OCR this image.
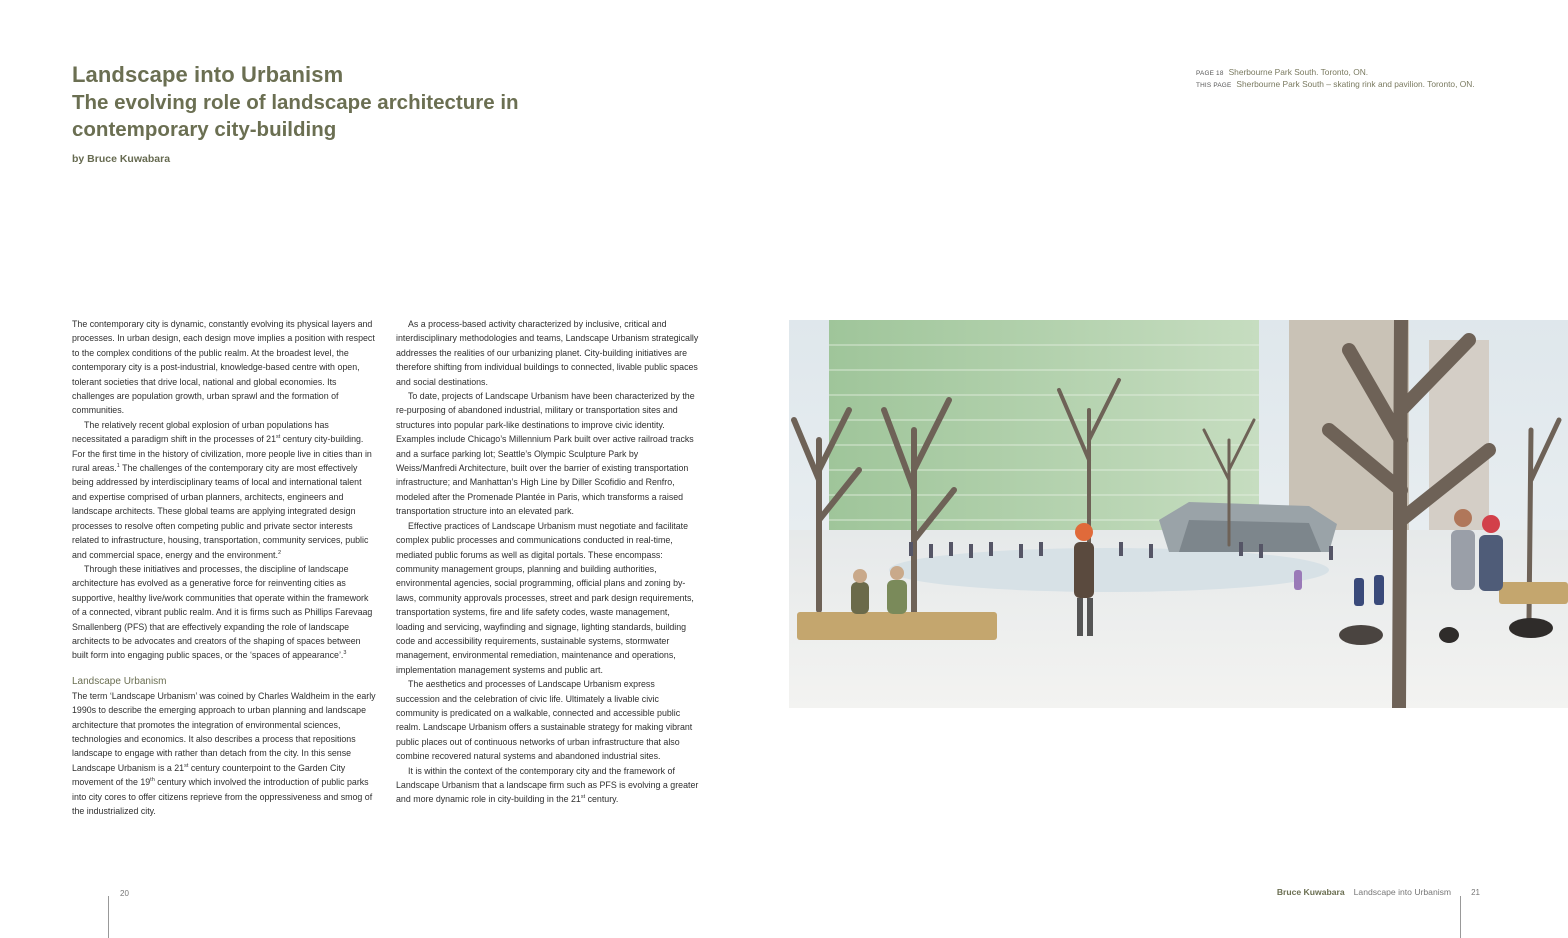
Landscape into Urbanism
The evolving role of landscape architecture in contemporary city-building
by Bruce Kuwabara
PAGE 18 Sherbourne Park South. Toronto, ON.
THIS PAGE Sherbourne Park South – skating rink and pavilion. Toronto, ON.

The contemporary city is dynamic, constantly evolving its physical layers and processes. In urban design, each design move implies a position with respect to the complex conditions of the public realm. At the broadest level, the contemporary city is a post-industrial, knowledge-based centre with open, tolerant societies that drive local, national and global economies. Its challenges are population growth, urban sprawl and the formation of communities.

The relatively recent global explosion of urban populations has necessitated a paradigm shift in the processes of 21st century city-building. For the first time in the history of civilization, more people live in cities than in rural areas.$^1$ The challenges of the contemporary city are most effectively being addressed by interdisciplinary teams of local and international talent and expertise comprised of urban planners, architects, engineers and landscape architects. These global teams are applying integrated design processes to resolve often competing public and private sector interests related to infrastructure, housing, transportation, community services, public and commercial space, energy and the environment.$^2$

Through these initiatives and processes, the discipline of landscape architecture has evolved as a generative force for reinventing cities as supportive, healthy live/work communities that operate within the framework of a connected, vibrant public realm. And it is firms such as Phillips Farevaag Smallenberg (PFS) that are effectively expanding the role of landscape architects to be advocates and creators of the shaping of spaces between built form into engaging public spaces, or the ‘spaces of appearance’.$^3$

Landscape Urbanism

The term ‘Landscape Urbanism’ was coined by Charles Waldheim in the early 1990s to describe the emerging approach to urban planning and landscape architecture that promotes the integration of environmental sciences, technologies and economics. It also describes a process that repositions landscape to engage with rather than detach from the city. In this sense Landscape Urbanism is a 21st century counterpoint to the Garden City movement of the 19th century which involved the introduction of public parks into city cores to offer citizens reprieve from the oppressiveness and smog of the industrialized city.

As a process-based activity characterized by inclusive, critical and interdisciplinary methodologies and teams, Landscape Urbanism strategically addresses the realities of our urbanizing planet. City-building initiatives are therefore shifting from individual buildings to connected, livable public spaces and social destinations.

To date, projects of Landscape Urbanism have been characterized by the re-purposing of abandoned industrial, military or transportation sites and structures into popular park-like destinations to improve civic identity. Examples include Chicago’s Millennium Park built over active railroad tracks and a surface parking lot; Seattle’s Olympic Sculpture Park by Weiss/Manfredi Architecture, built over the barrier of existing transportation infrastructure; and Manhattan’s High Line by Diller Scofidio and Renfro, modeled after the Promenade Plantée in Paris, which transforms a raised transportation structure into an elevated park.

Effective practices of Landscape Urbanism must negotiate and facilitate complex public processes and communications conducted in real-time, mediated public forums as well as digital portals. These encompass: community management groups, planning and building authorities, environmental agencies, social programming, official plans and zoning by-laws, community approvals processes, street and park design requirements, transportation systems, fire and life safety codes, waste management, loading and servicing, wayfinding and signage, lighting standards, building code and accessibility requirements, sustainable systems, stormwater management, environmental remediation, maintenance and operations, implementation management systems and public art.

The aesthetics and processes of Landscape Urbanism express succession and the celebration of civic life. Ultimately a livable civic community is predicated on a walkable, connected and accessible public realm. Landscape Urbanism offers a sustainable strategy for making vibrant public places out of continuous networks of urban infrastructure that also combine recovered natural systems and abandoned industrial sites.

It is within the context of the contemporary city and the framework of Landscape Urbanism that a landscape firm such as PFS is evolving a greater and more dynamic role in city-building in the 21st century.

20	Bruce Kuwabara Landscape into Urbanism	21
